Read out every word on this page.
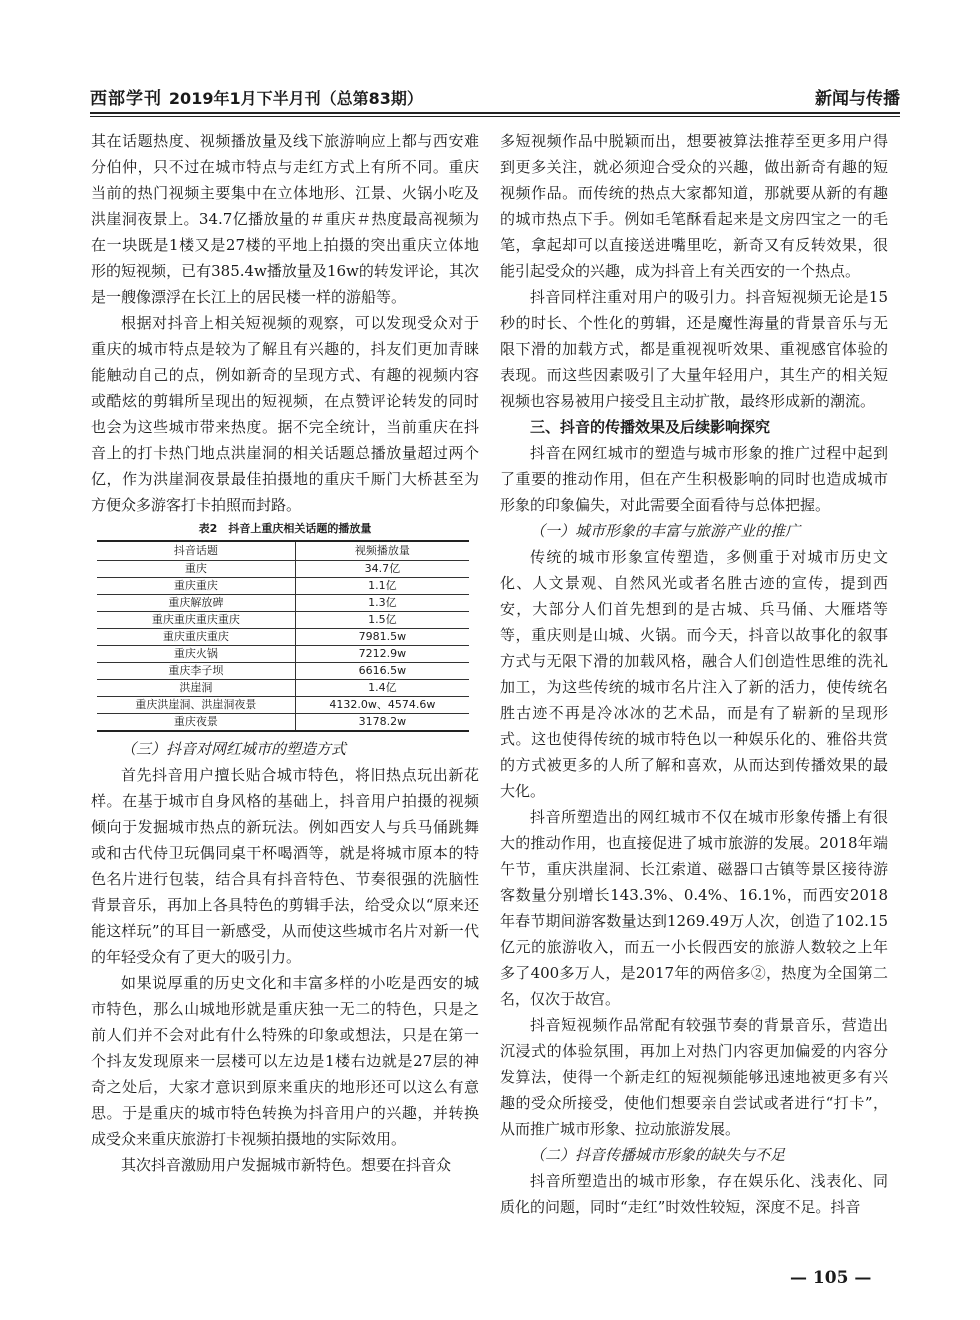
西部学刊 2019年1月下半月刊（总第83期）	新闻与传播

其在话题热度、视频播放量及线下旅游响应上都与西安难分伯仲，只不过在城市特点与走红方式上有所不同。重庆当前的热门视频主要集中在立体地形、江景、火锅小吃及洪崖洞夜景上。34.7亿播放量的＃重庆＃热度最高视频为在一块既是1楼又是27楼的平地上拍摄的突出重庆立体地形的短视频，已有385.4w播放量及16w的转发评论，其次是一艘像漂浮在长江上的居民楼一样的游船等。

根据对抖音上相关短视频的观察，可以发现受众对于重庆的城市特点是较为了解且有兴趣的，抖友们更加青睐能触动自己的点，例如新奇的呈现方式、有趣的视频内容或酷炫的剪辑所呈现出的短视频，在点赞评论转发的同时也会为这些城市带来热度。据不完全统计，当前重庆在抖音上的打卡热门地点洪崖洞的相关话题总播放量超过两个亿，作为洪崖洞夜景最佳拍摄地的重庆千厮门大桥甚至为方便众多游客打卡拍照而封路。

表2　抖音上重庆相关话题的播放量
抖音话题	视频播放量
重庆	34.7亿
重庆重庆	1.1亿
重庆解放碑	1.3亿
重庆重庆重庆重庆	1.5亿
重庆重庆重庆	7981.5w
重庆火锅	7212.9w
重庆李子坝	6616.5w
洪崖洞	1.4亿
重庆洪崖洞、洪崖洞夜景	4132.0w、4574.6w
重庆夜景	3178.2w

（三）抖音对网红城市的塑造方式

首先抖音用户擅长贴合城市特色，将旧热点玩出新花样。在基于城市自身风格的基础上，抖音用户拍摄的视频倾向于发掘城市热点的新玩法。例如西安人与兵马俑跳舞或和古代侍卫玩偶同桌干杯喝酒等，就是将城市原本的特色名片进行包装，结合具有抖音特色、节奏很强的洗脑性背景音乐，再加上各具特色的剪辑手法，给受众以“原来还能这样玩”的耳目一新感受，从而使这些城市名片对新一代的年轻受众有了更大的吸引力。

如果说厚重的历史文化和丰富多样的小吃是西安的城市特色，那么山城地形就是重庆独一无二的特色，只是之前人们并不会对此有什么特殊的印象或想法，只是在第一个抖友发现原来一层楼可以左边是1楼右边就是27层的神奇之处后，大家才意识到原来重庆的地形还可以这么有意思。于是重庆的城市特色转换为抖音用户的兴趣，并转换成受众来重庆旅游打卡视频拍摄地的实际效用。

其次抖音激励用户发掘城市新特色。想要在抖音众

多短视频作品中脱颖而出，想要被算法推荐至更多用户得到更多关注，就必须迎合受众的兴趣，做出新奇有趣的短视频作品。而传统的热点大家都知道，那就要从新的有趣的城市热点下手。例如毛笔酥看起来是文房四宝之一的毛笔，拿起却可以直接送进嘴里吃，新奇又有反转效果，很能引起受众的兴趣，成为抖音上有关西安的一个热点。

抖音同样注重对用户的吸引力。抖音短视频无论是15秒的时长、个性化的剪辑，还是魔性海量的背景音乐与无限下滑的加载方式，都是重视视听效果、重视感官体验的表现。而这些因素吸引了大量年轻用户，其生产的相关短视频也容易被用户接受且主动扩散，最终形成新的潮流。

三、抖音的传播效果及后续影响探究

抖音在网红城市的塑造与城市形象的推广过程中起到了重要的推动作用，但在产生积极影响的同时也造成城市形象的印象偏失，对此需要全面看待与总体把握。

（一）城市形象的丰富与旅游产业的推广

传统的城市形象宣传塑造，多侧重于对城市历史文化、人文景观、自然风光或者名胜古迹的宣传，提到西安，大部分人们首先想到的是古城、兵马俑、大雁塔等等，重庆则是山城、火锅。而今天，抖音以故事化的叙事方式与无限下滑的加载风格，融合人们创造性思维的洗礼加工，为这些传统的城市名片注入了新的活力，使传统名胜古迹不再是冷冰冰的艺术品，而是有了崭新的呈现形式。这也使得传统的城市特色以一种娱乐化的、雅俗共赏的方式被更多的人所了解和喜欢，从而达到传播效果的最大化。

抖音所塑造出的网红城市不仅在城市形象传播上有很大的推动作用，也直接促进了城市旅游的发展。2018年端午节，重庆洪崖洞、长江索道、磁器口古镇等景区接待游客数量分别增长143.3%、0.4%、16.1%，而西安2018年春节期间游客数量达到1269.49万人次，创造了102.15亿元的旅游收入，而五一小长假西安的旅游人数较之上年多了400多万人，是2017年的两倍多②，热度为全国第二名，仅次于故宫。

抖音短视频作品常配有较强节奏的背景音乐，营造出沉浸式的体验氛围，再加上对热门内容更加偏爱的内容分发算法，使得一个新走红的短视频能够迅速地被更多有兴趣的受众所接受，使他们想要亲自尝试或者进行“打卡”，从而推广城市形象、拉动旅游发展。

（二）抖音传播城市形象的缺失与不足

抖音所塑造出的城市形象，存在娱乐化、浅表化、同质化的问题，同时“走红”时效性较短，深度不足。抖音

— 105 —
